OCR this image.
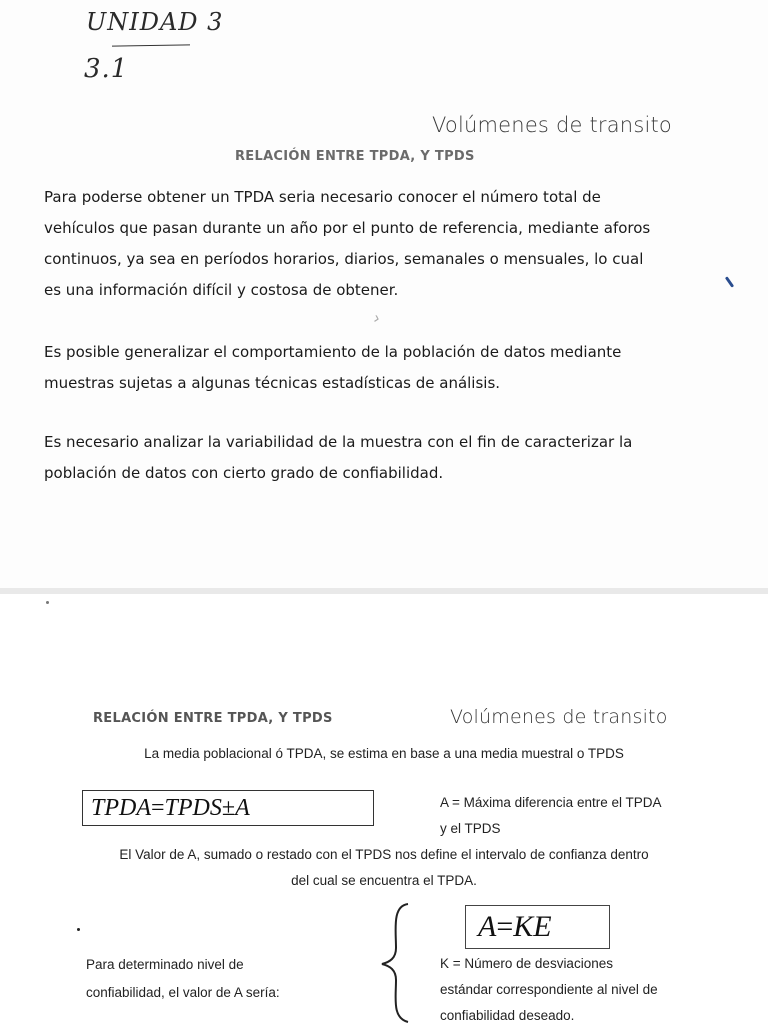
UNIDAD 3
3.1
Volúmenes de transito
RELACIÓN ENTRE TPDA, Y TPDS
Para poderse obtener un TPDA seria necesario conocer el número total de
vehículos que pasan durante un año por el punto de referencia, mediante aforos
continuos, ya sea en períodos horarios, diarios, semanales o mensuales, lo cual
es una información difícil y costosa de obtener.
›
Es posible generalizar el comportamiento de la población de datos mediante
muestras sujetas a algunas técnicas estadísticas de análisis.
Es necesario analizar la variabilidad de la muestra con el fin de caracterizar la
población de datos con cierto grado de confiabilidad.
RELACIÓN ENTRE TPDA, Y TPDS	Volúmenes de transito
La media poblacional ó TPDA, se estima en base a una media muestral o TPDS
TPDA = TPDS ± A	A = Máxima diferencia entre el TPDA
y el TPDS
El Valor de A, sumado o restado con el TPDS nos define el intervalo de confianza dentro
del cual se encuentra el TPDA.
A = KE
Para determinado nivel de
confiabilidad, el valor de A sería:
K = Número de desviaciones
estándar correspondiente al nivel de
confiabilidad deseado.
